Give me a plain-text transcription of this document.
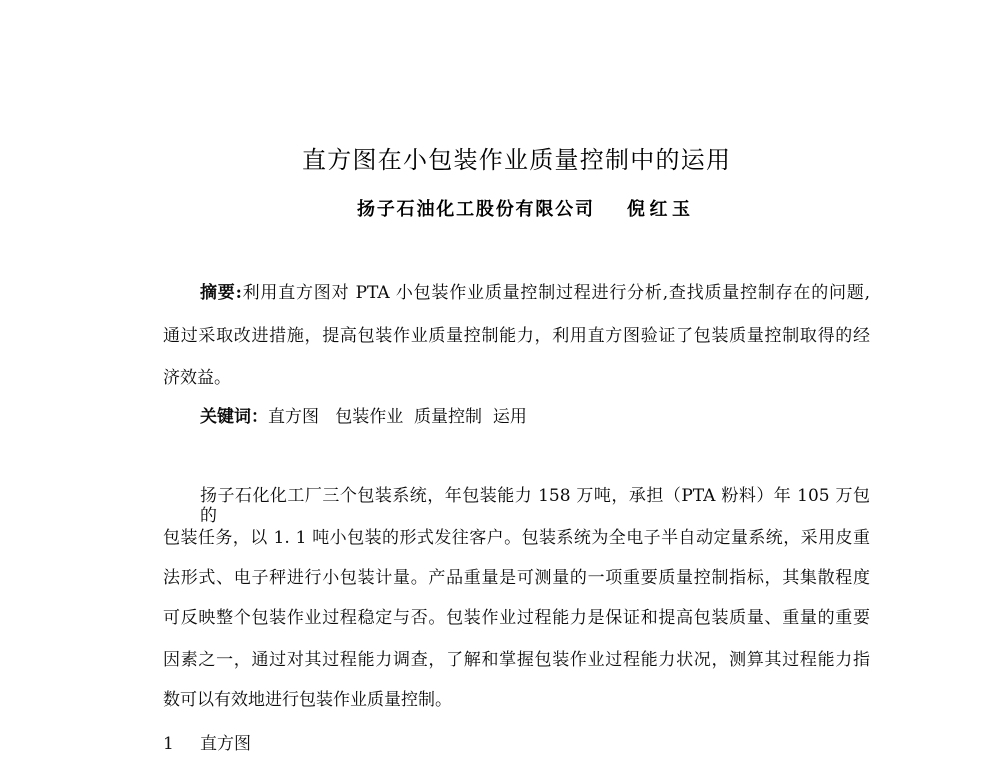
直方图在小包装作业质量控制中的运用
扬子石油化工股份有限公司 倪红玉
摘要:利用直方图对 PTA 小包装作业质量控制过程进行分析,查找质量控制存在的问题,
通过采取改进措施，提高包装作业质量控制能力，利用直方图验证了包装质量控制取得的经
济效益。
关键词：直方图   包装作业  质量控制  运用
扬子石化化工厂三个包装系统，年包装能力 158 万吨，承担（PTA 粉料）年 105 万包的
包装任务，以 1. 1 吨小包装的形式发往客户。包装系统为全电子半自动定量系统，采用皮重
法形式、电子秤进行小包装计量。产品重量是可测量的一项重要质量控制指标，其集散程度
可反映整个包装作业过程稳定与否。包装作业过程能力是保证和提高包装质量、重量的重要
因素之一，通过对其过程能力调查，了解和掌握包装作业过程能力状况，测算其过程能力指
数可以有效地进行包装作业质量控制。
1 直方图
